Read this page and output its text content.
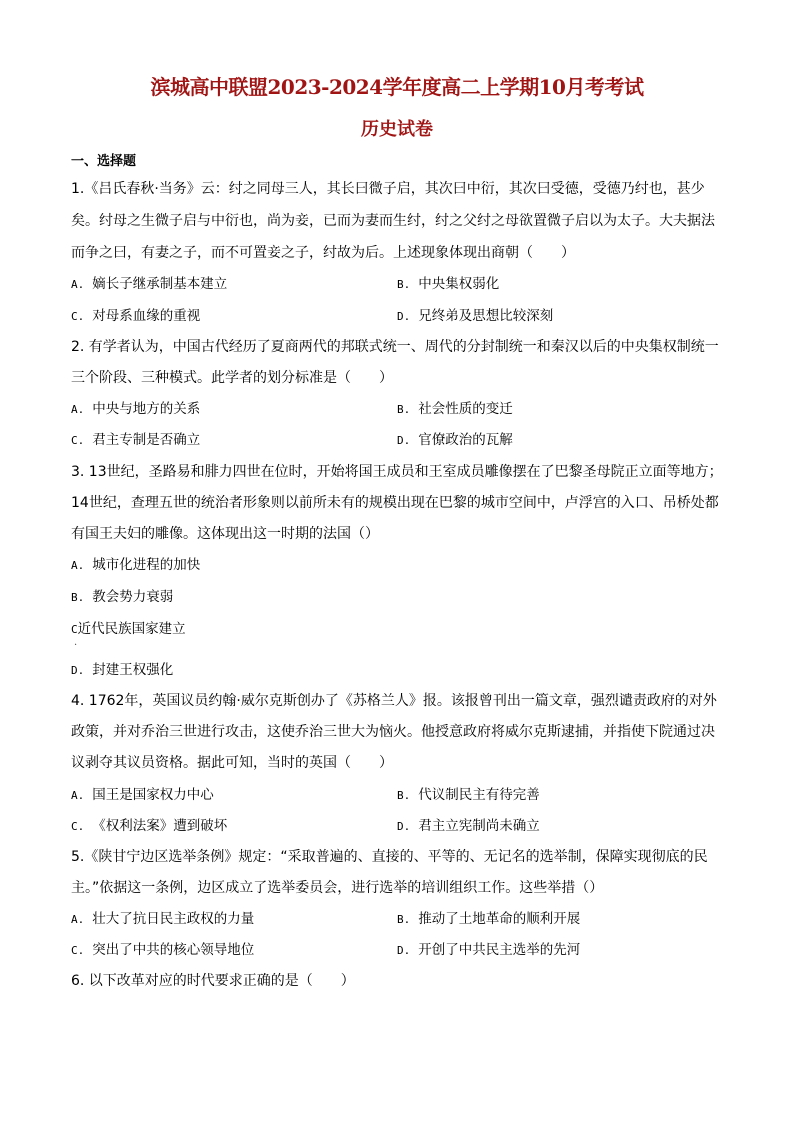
滨城高中联盟2023-2024学年度高二上学期10月考考试
历史试卷
一、选择题
1.《吕氏春秋·当务》云：纣之同母三人，其长曰微子启，其次曰中衍，其次曰受德，受德乃纣也，甚少
矣。纣母之生微子启与中衍也，尚为妾，已而为妻而生纣，纣之父纣之母欲置微子启以为太子。大夫据法
而争之曰，有妻之子，而不可置妾之子，纣故为后。上述现象体现出商朝（　　）
A. 嫡长子继承制基本建立	B. 中央集权弱化
C. 对母系血缘的重视	D. 兄终弟及思想比较深刻
2. 有学者认为，中国古代经历了夏商两代的邦联式统一、周代的分封制统一和秦汉以后的中央集权制统一
三个阶段、三种模式。此学者的划分标准是（　　）
A. 中央与地方的关系	B. 社会性质的变迁
C. 君主专制是否确立	D. 官僚政治的瓦解
3. 13世纪，圣路易和腓力四世在位时，开始将国王成员和王室成员雕像摆在了巴黎圣母院正立面等地方；
14世纪，查理五世的统治者形象则以前所未有的规模出现在巴黎的城市空间中，卢浮宫的入口、吊桥处都
有国王夫妇的雕像。这体现出这一时期的法国（）
A. 城市化进程的加快
B. 教会势力衰弱
C近代民族国家建立
·
D. 封建王权强化
4. 1762年，英国议员约翰·威尔克斯创办了《苏格兰人》报。该报曾刊出一篇文章，强烈谴责政府的对外
政策，并对乔治三世进行攻击，这使乔治三世大为恼火。他授意政府将威尔克斯逮捕，并指使下院通过决
议剥夺其议员资格。据此可知，当时的英国（　　）
A. 国王是国家权力中心	B. 代议制民主有待完善
C. 《权利法案》遭到破坏	D. 君主立宪制尚未确立
5.《陕甘宁边区选举条例》规定：“采取普遍的、直接的、平等的、无记名的选举制，保障实现彻底的民
主。”依据这一条例，边区成立了选举委员会，进行选举的培训组织工作。这些举措（）
A. 壮大了抗日民主政权的力量	B. 推动了土地革命的顺利开展
C. 突出了中共的核心领导地位	D. 开创了中共民主选举的先河
6. 以下改革对应的时代要求正确的是（　　）
